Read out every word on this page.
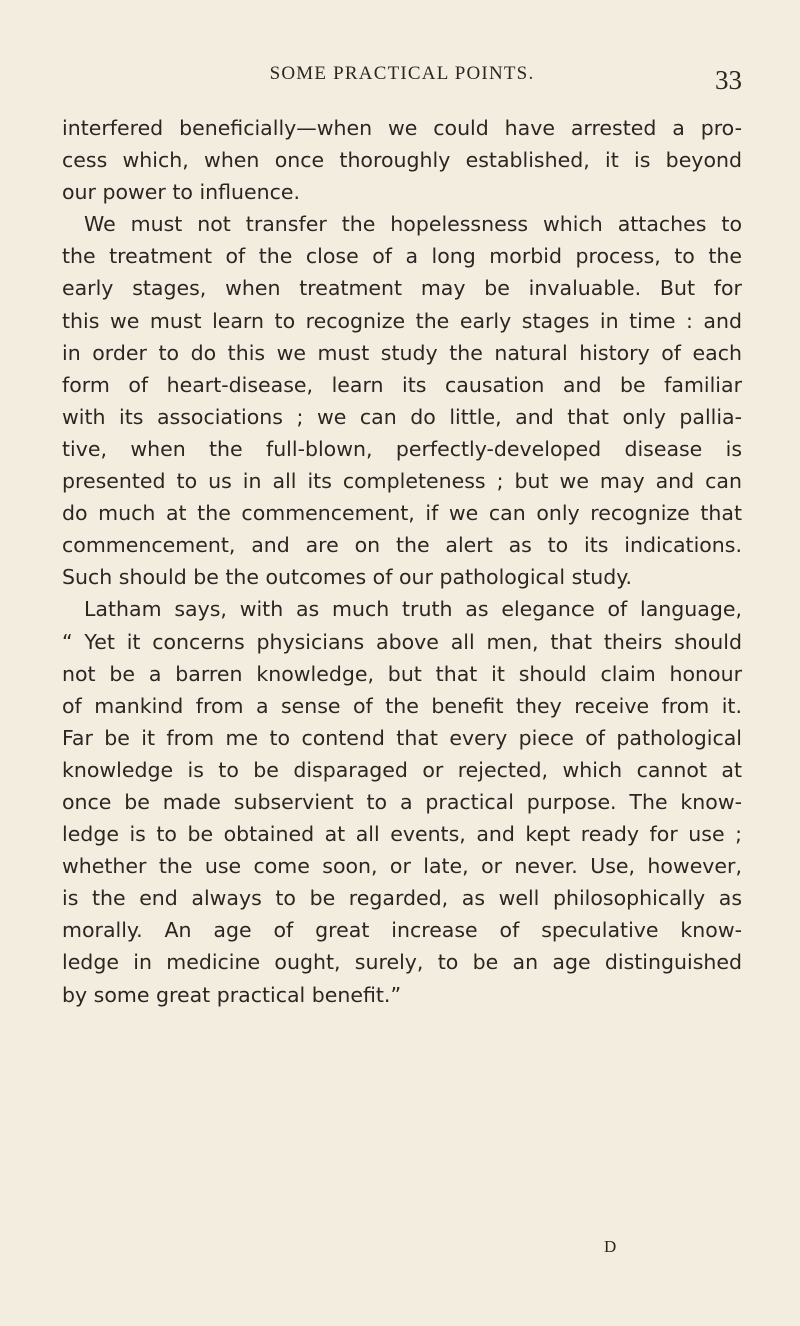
SOME PRACTICAL POINTS.	33
interfered beneficially—when we could have arrested a pro-
cess which, when once thoroughly established, it is beyond
our power to influence.
We must not transfer the hopelessness which attaches to
the treatment of the close of a long morbid process, to the
early stages, when treatment may be invaluable. But for
this we must learn to recognize the early stages in time : and
in order to do this we must study the natural history of each
form of heart-disease, learn its causation and be familiar
with its associations ; we can do little, and that only pallia-
tive, when the full-blown, perfectly-developed disease is
presented to us in all its completeness ; but we may and can
do much at the commencement, if we can only recognize that
commencement, and are on the alert as to its indications.
Such should be the outcomes of our pathological study.
Latham says, with as much truth as elegance of language,
“ Yet it concerns physicians above all men, that theirs should
not be a barren knowledge, but that it should claim honour
of mankind from a sense of the benefit they receive from it.
Far be it from me to contend that every piece of pathological
knowledge is to be disparaged or rejected, which cannot at
once be made subservient to a practical purpose. The know-
ledge is to be obtained at all events, and kept ready for use ;
whether the use come soon, or late, or never. Use, however,
is the end always to be regarded, as well philosophically as
morally. An age of great increase of speculative know-
ledge in medicine ought, surely, to be an age distinguished
by some great practical benefit.”
D
